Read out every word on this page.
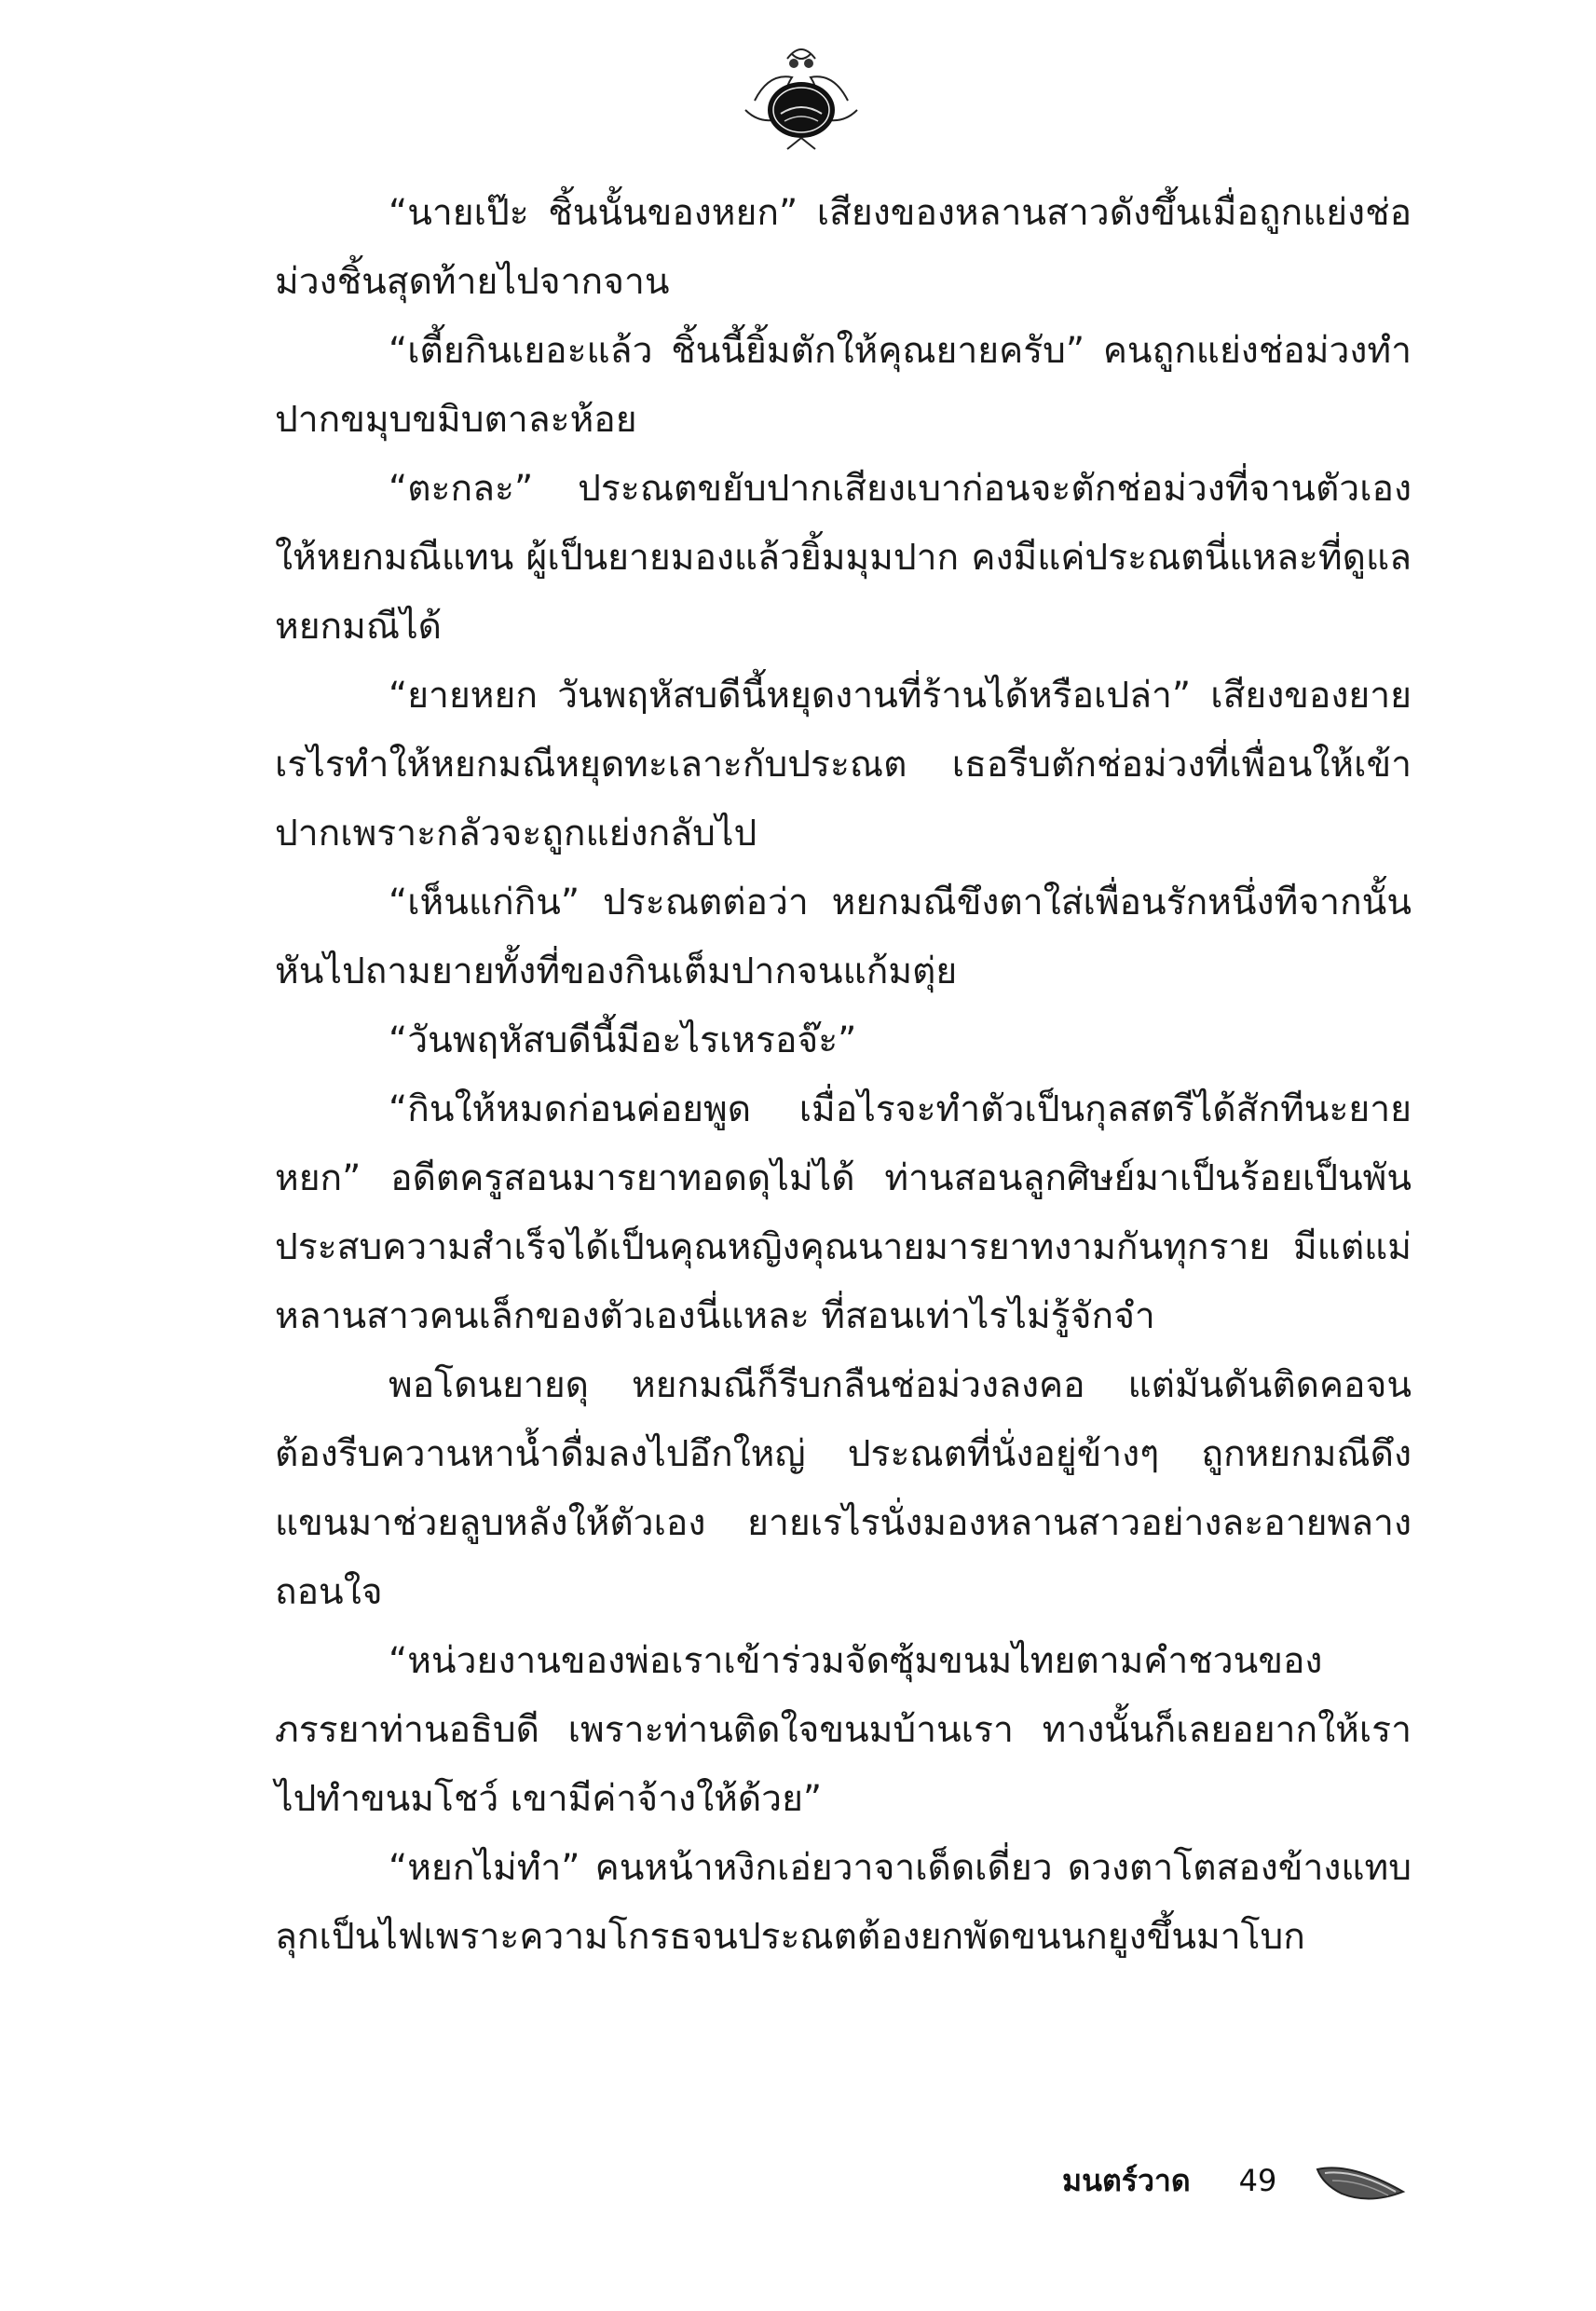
“นายเป๊ะ ชิ้นนั้นของหยก” เสียงของหลานสาวดังขึ้นเมื่อถูกแย่งช่อม่วงชิ้นสุดท้ายไปจากจาน

“เตี้ยกินเยอะแล้ว ชิ้นนี้ยิ้มตักให้คุณยายครับ” คนถูกแย่งช่อม่วงทำปากขมุบขมิบตาละห้อย

“ตะกละ” ประณตขยับปากเสียงเบาก่อนจะตักช่อม่วงที่จานตัวเองให้หยกมณีแทน ผู้เป็นยายมองแล้วยิ้มมุมปาก คงมีแค่ประณตนี่แหละที่ดูแลหยกมณีได้

“ยายหยก วันพฤหัสบดีนี้หยุดงานที่ร้านได้หรือเปล่า” เสียงของยายเรไรทำให้หยกมณีหยุดทะเลาะกับประณต เธอรีบตักช่อม่วงที่เพื่อนให้เข้าปากเพราะกลัวจะถูกแย่งกลับไป

“เห็นแก่กิน” ประณตต่อว่า หยกมณีขึงตาใส่เพื่อนรักหนึ่งทีจากนั้นหันไปถามยายทั้งที่ของกินเต็มปากจนแก้มตุ่ย

“วันพฤหัสบดีนี้มีอะไรเหรอจ๊ะ”

“กินให้หมดก่อนค่อยพูด เมื่อไรจะทำตัวเป็นกุลสตรีได้สักทีนะยายหยก” อดีตครูสอนมารยาทอดดุไม่ได้ ท่านสอนลูกศิษย์มาเป็นร้อยเป็นพัน ประสบความสำเร็จได้เป็นคุณหญิงคุณนายมารยาทงามกันทุกราย มีแต่แม่หลานสาวคนเล็กของตัวเองนี่แหละ ที่สอนเท่าไรไม่รู้จักจำ

พอโดนยายดุ หยกมณีก็รีบกลืนช่อม่วงลงคอ แต่มันดันติดคอจนต้องรีบควานหาน้ำดื่มลงไปอึกใหญ่ ประณตที่นั่งอยู่ข้างๆ ถูกหยกมณีดึงแขนมาช่วยลูบหลังให้ตัวเอง ยายเรไรนั่งมองหลานสาวอย่างละอายพลางถอนใจ

“หน่วยงานของพ่อเราเข้าร่วมจัดซุ้มขนมไทยตามคำชวนของภรรยาท่านอธิบดี เพราะท่านติดใจขนมบ้านเรา ทางนั้นก็เลยอยากให้เราไปทำขนมโชว์ เขามีค่าจ้างให้ด้วย”

“หยกไม่ทำ” คนหน้าหงิกเอ่ยวาจาเด็ดเดี่ยว ดวงตาโตสองข้างแทบลุกเป็นไฟเพราะความโกรธจนประณตต้องยกพัดขนนกยูงขึ้นมาโบก

มนตร์วาด 49
